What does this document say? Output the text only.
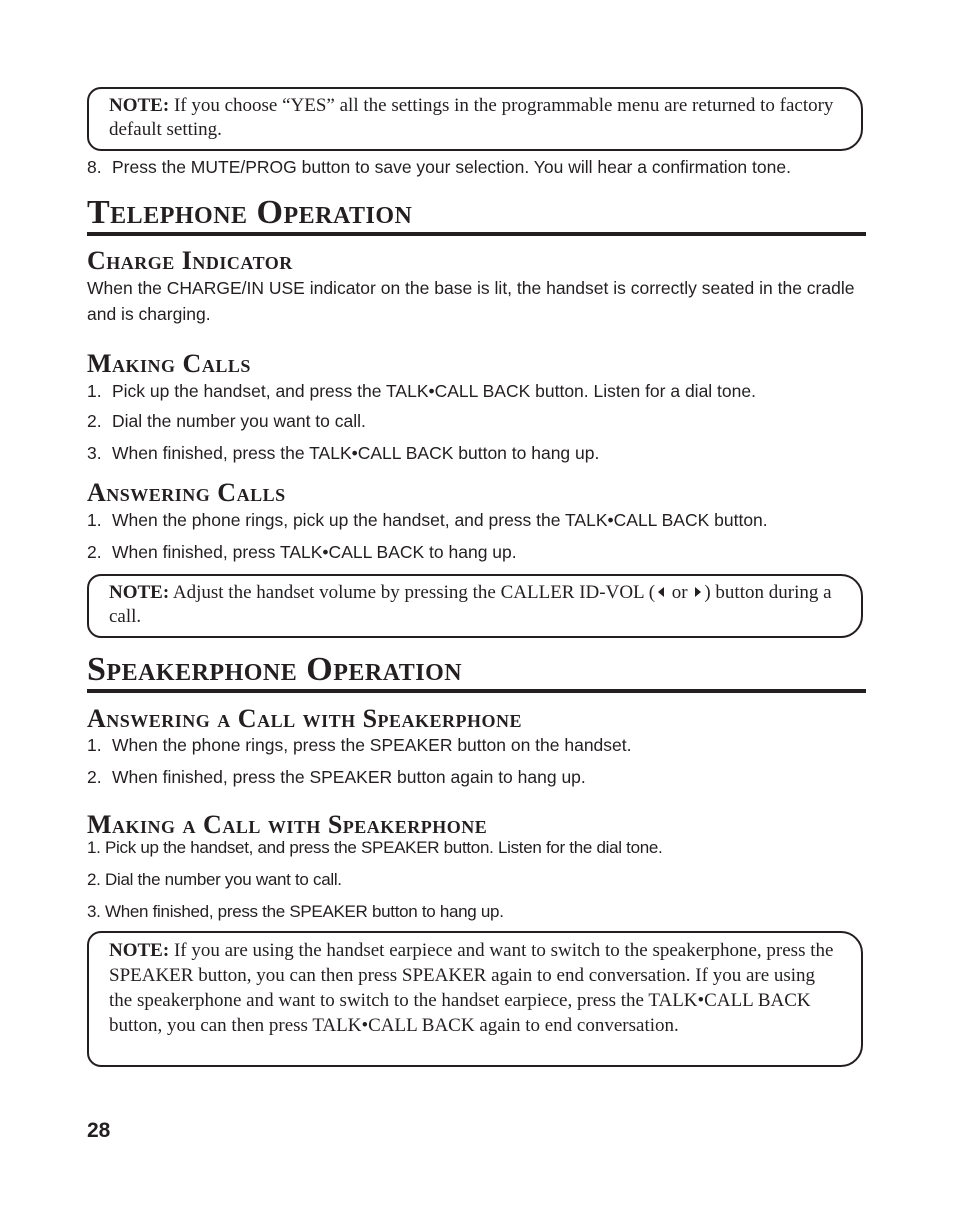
NOTE: If you choose “YES” all the settings in the programmable menu are returned to factory default setting.
8. Press the MUTE/PROG button to save your selection. You will hear a confirmation tone.
Telephone Operation
Charge Indicator
When the CHARGE/IN USE indicator on the base is lit, the handset is correctly seated in the cradle and is charging.
Making Calls
1. Pick up the handset, and press the TALK•CALL BACK button. Listen for a dial tone.
2. Dial the number you want to call.
3. When finished, press the TALK•CALL BACK button to hang up.
Answering Calls
1. When the phone rings, pick up the handset, and press the TALK•CALL BACK button.
2. When finished, press TALK•CALL BACK to hang up.
NOTE: Adjust the handset volume by pressing the CALLER ID-VOL ( or ) button during a call.
Speakerphone Operation
Answering a Call with Speakerphone
1. When the phone rings, press the SPEAKER button on the handset.
2. When finished, press the SPEAKER button again to hang up.
Making a Call with Speakerphone
1. Pick up the handset, and press the SPEAKER button. Listen for the dial tone.
2. Dial the number you want to call.
3. When finished, press the SPEAKER button to hang up.
NOTE: If you are using the handset earpiece and want to switch to the speakerphone, press the SPEAKER button, you can then press SPEAKER again to end conversation. If you are using the speakerphone and want to switch to the handset earpiece, press the TALK•CALL BACK button, you can then press TALK•CALL BACK again to end conversation.
28
